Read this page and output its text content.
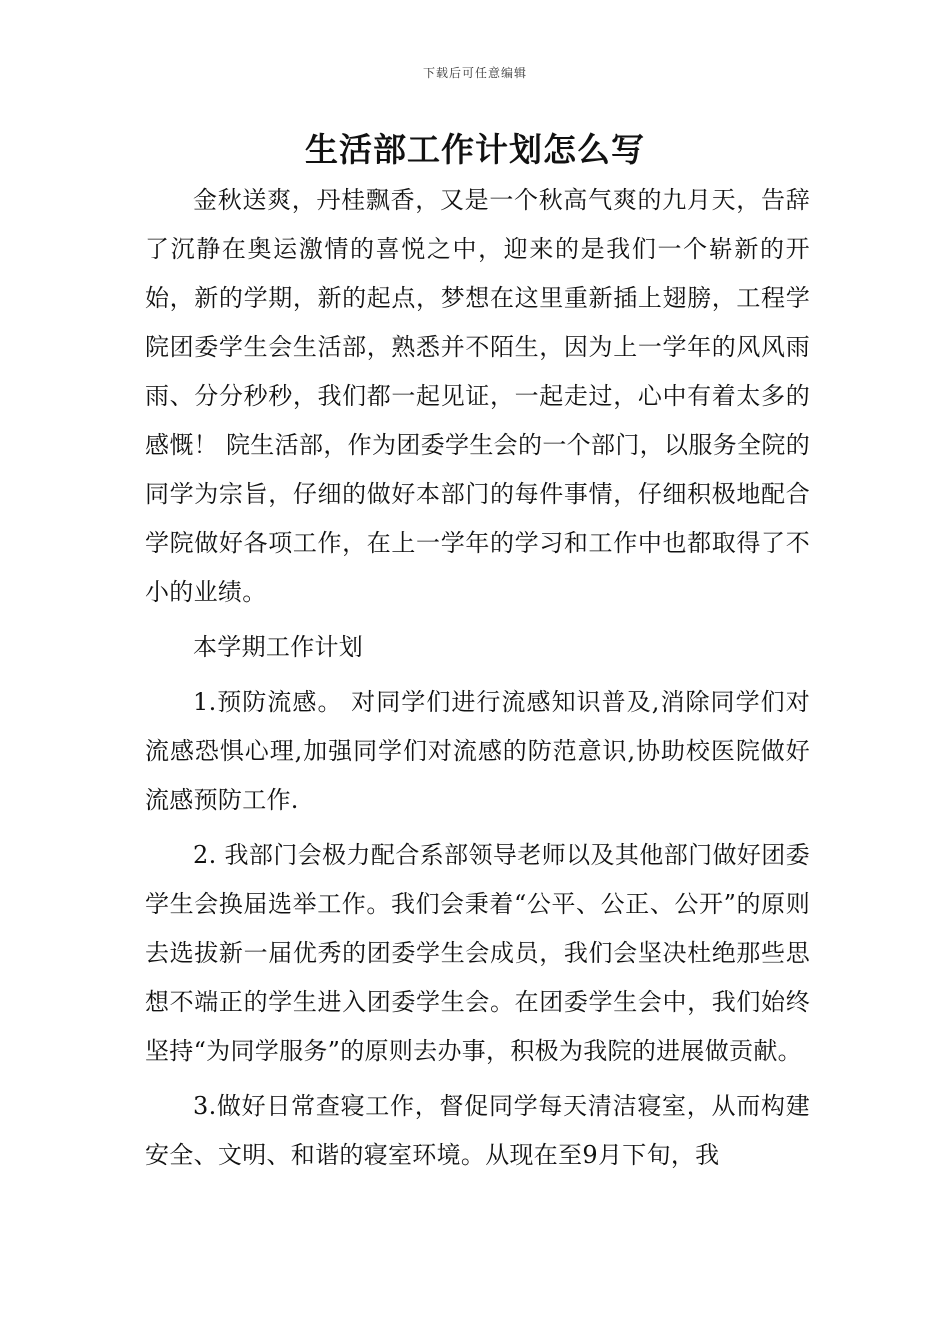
下载后可任意编辑
生活部工作计划怎么写

金秋送爽，丹桂飘香，又是一个秋高气爽的九月天，告辞了沉静在奥运激情的喜悦之中，迎来的是我们一个崭新的开始，新的学期，新的起点，梦想在这里重新插上翅膀，工程学院团委学生会生活部，熟悉并不陌生，因为上一学年的风风雨雨、分分秒秒，我们都一起见证，一起走过，心中有着太多的感慨！ 院生活部，作为团委学生会的一个部门，以服务全院的同学为宗旨，仔细的做好本部门的每件事情，仔细积极地配合学院做好各项工作，在上一学年的学习和工作中也都取得了不小的业绩。

本学期工作计划

1.预防流感。 对同学们进行流感知识普及,消除同学们对流感恐惧心理,加强同学们对流感的防范意识,协助校医院做好流感预防工作.

2. 我部门会极力配合系部领导老师以及其他部门做好团委学生会换届选举工作。我们会秉着“公平、公正、公开”的原则去选拔新一届优秀的团委学生会成员，我们会坚决杜绝那些思想不端正的学生进入团委学生会。在团委学生会中，我们始终坚持“为同学服务”的原则去办事，积极为我院的进展做贡献。

3.做好日常查寝工作，督促同学每天清洁寝室，从而构建安全、文明、和谐的寝室环境。从现在至9月下旬，我
